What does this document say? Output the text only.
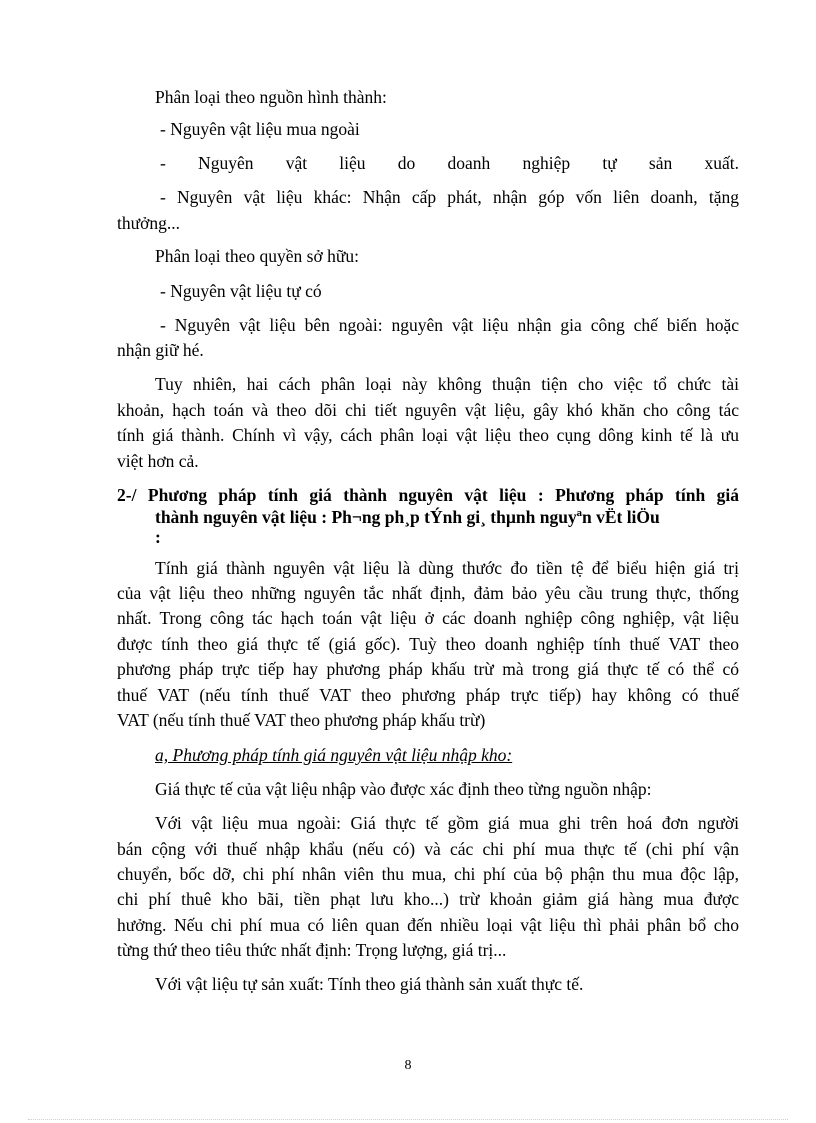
Phân loại theo nguồn hình thành:
- Nguyên vật liệu mua ngoài
- Nguyên vật liệu do doanh nghiệp tự sản xuất.
- Nguyên vật liệu khác: Nhận cấp phát, nhận góp vốn liên doanh, tặng
thưởng...
Phân loại theo quyền sở hữu:
- Nguyên vật liệu tự có
- Nguyên vật liệu bên ngoài: nguyên vật liệu nhận gia công chế biến hoặc
nhận giữ hé.
Tuy nhiên, hai cách phân loại này không thuận tiện cho việc tổ chức tài
khoản, hạch toán và theo dõi chi tiết nguyên vật liệu, gây khó khăn cho công tác
tính giá thành. Chính vì vậy, cách phân loại vật liệu theo cụng dông kinh tế là ưu
việt hơn cả.
2-/ Phương pháp tính giá thành nguyên vật liệu : Phương pháp tính giá
thành nguyên vật liệu : Ph¬ng ph¸p tÝnh gi¸ thµnh nguyªn vËt liÖu
:
Tính giá thành nguyên vật liệu là dùng thước đo tiền tệ để biểu hiện giá trị
của vật liệu theo những nguyên tắc nhất định, đảm bảo yêu cầu trung thực, thống
nhất. Trong công tác hạch toán vật liệu ở các doanh nghiệp công nghiệp, vật liệu
được tính theo giá thực tế (giá gốc). Tuỳ theo doanh nghiệp tính thuế VAT theo
phương pháp trực tiếp hay phương pháp khấu trừ mà trong giá thực tế có thể có
thuế VAT (nếu tính thuế VAT theo phương pháp trực tiếp) hay không có thuế
VAT (nếu tính thuế VAT theo phương pháp khấu trừ)
a, Phương pháp tính giá nguyên vật liệu nhập kho:
Giá thực tế của vật liệu nhập vào được xác định theo từng nguồn nhập:
Với vật liệu mua ngoài: Giá thực tế gồm giá mua ghi trên hoá đơn người
bán cộng với thuế nhập khẩu (nếu có) và các chi phí mua thực tế (chi phí vận
chuyển, bốc dỡ, chi phí nhân viên thu mua, chi phí của bộ phận thu mua độc lập,
chi phí thuê kho bãi, tiền phạt lưu kho...) trừ khoản giảm giá hàng mua được
hưởng. Nếu chi phí mua có liên quan đến nhiều loại vật liệu thì phải phân bổ cho
từng thứ theo tiêu thức nhất định: Trọng lượng, giá trị...
Với vật liệu tự sản xuất: Tính theo giá thành sản xuất thực tế.
8
